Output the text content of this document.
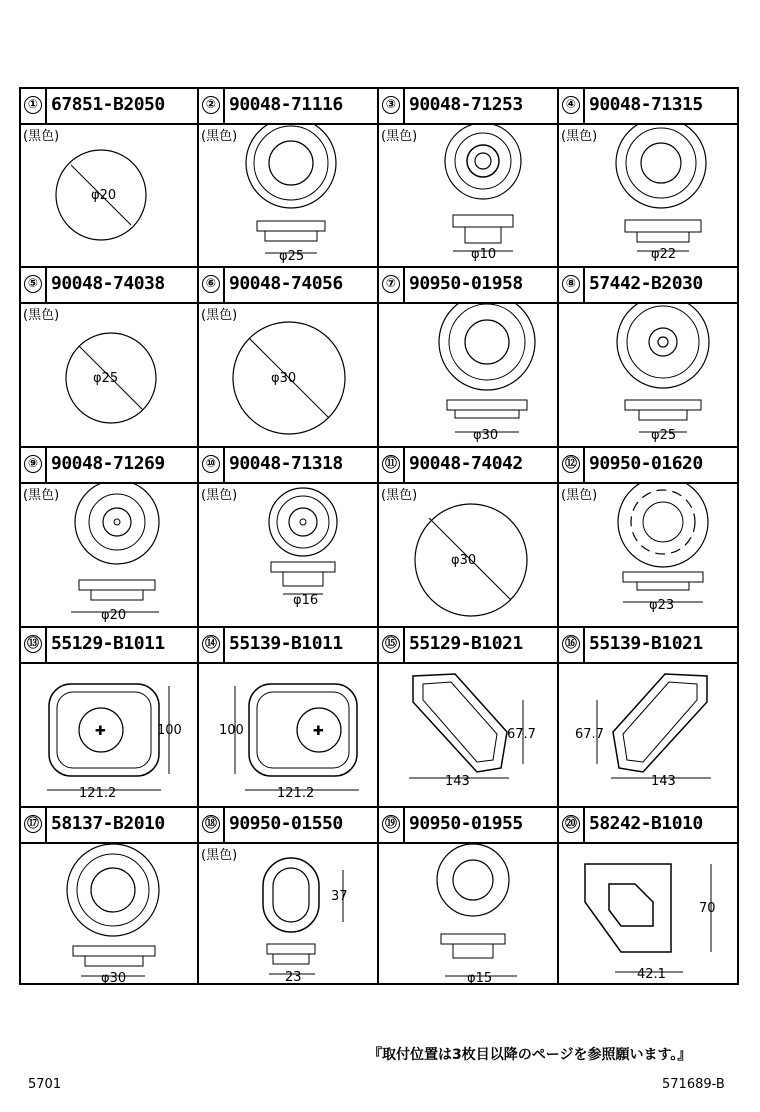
① 67851-B2050
(黒色)
φ20
② 90048-71116
(黒色)
φ25
③ 90048-71253
(黒色)
φ10
④ 90048-71315
(黒色)
φ22
⑤ 90048-74038
(黒色)
φ25
⑥ 90048-74056
(黒色)
φ30
⑦ 90950-01958
φ30
⑧ 57442-B2030
φ25
⑨ 90048-71269
(黒色)
φ20
⑩ 90048-71318
(黒色)
φ16
⑪ 90048-74042
(黒色)
φ30
⑫ 90950-01620
(黒色)
φ23
⑬ 55129-B1011
✚	100
121.2
⑭ 55139-B1011
✚
100
121.2
⑮ 55129-B1021
67.7
143
⑯ 55139-B1021
67.7
143
⑰ 58137-B2010
φ30
⑱ 90950-01550
(黒色)
37
23
⑲ 90950-01955
φ15
⑳ 58242-B1010
70
42.1
『取付位置は3枚目以降のページを参照願います。』
5701	571689-B
